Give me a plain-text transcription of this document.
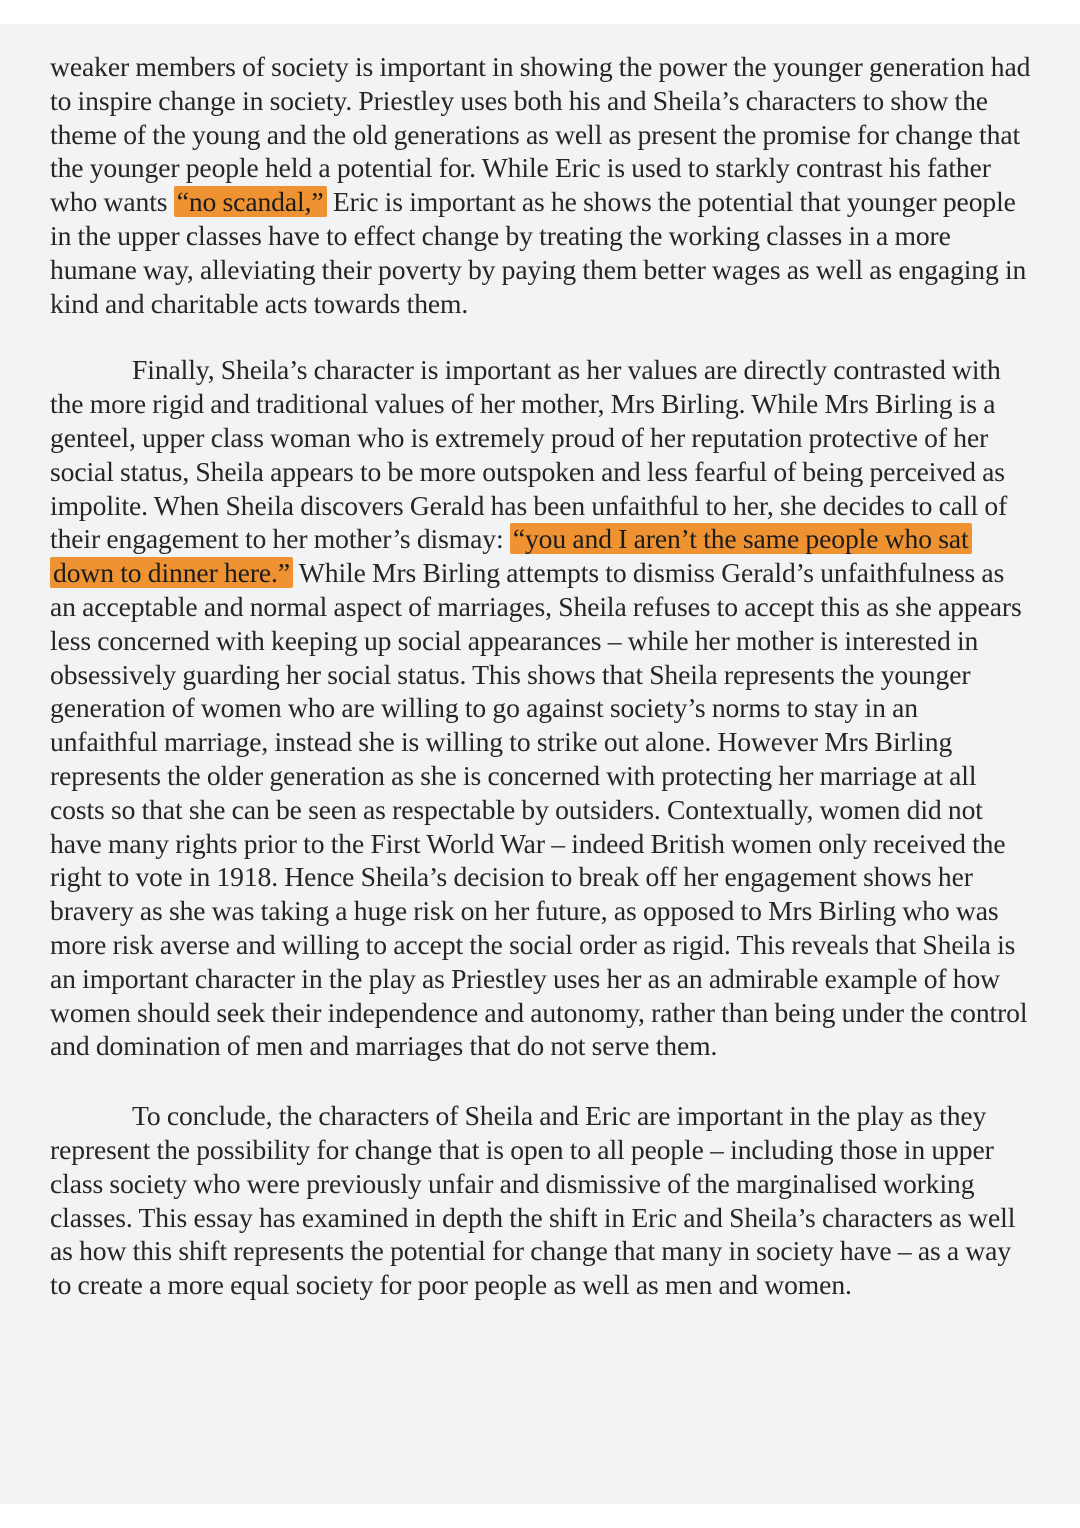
weaker members of society is important in showing the power the younger generation had to inspire change in society. Priestley uses both his and Sheila’s characters to show the theme of the young and the old generations as well as present the promise for change that the younger people held a potential for. While Eric is used to starkly contrast his father who wants “no scandal,” Eric is important as he shows the potential that younger people in the upper classes have to effect change by treating the working classes in a more humane way, alleviating their poverty by paying them better wages as well as engaging in kind and charitable acts towards them.

Finally, Sheila’s character is important as her values are directly contrasted with the more rigid and traditional values of her mother, Mrs Birling. While Mrs Birling is a genteel, upper class woman who is extremely proud of her reputation protective of her social status, Sheila appears to be more outspoken and less fearful of being perceived as impolite. When Sheila discovers Gerald has been unfaithful to her, she decides to call of their engagement to her mother’s dismay: “you and I aren’t the same people who sat down to dinner here.” While Mrs Birling attempts to dismiss Gerald’s unfaithfulness as an acceptable and normal aspect of marriages, Sheila refuses to accept this as she appears less concerned with keeping up social appearances – while her mother is interested in obsessively guarding her social status. This shows that Sheila represents the younger generation of women who are willing to go against society’s norms to stay in an unfaithful marriage, instead she is willing to strike out alone. However Mrs Birling represents the older generation as she is concerned with protecting her marriage at all costs so that she can be seen as respectable by outsiders. Contextually, women did not have many rights prior to the First World War – indeed British women only received the right to vote in 1918. Hence Sheila’s decision to break off her engagement shows her bravery as she was taking a huge risk on her future, as opposed to Mrs Birling who was more risk averse and willing to accept the social order as rigid. This reveals that Sheila is an important character in the play as Priestley uses her as an admirable example of how women should seek their independence and autonomy, rather than being under the control and domination of men and marriages that do not serve them.

To conclude, the characters of Sheila and Eric are important in the play as they represent the possibility for change that is open to all people – including those in upper class society who were previously unfair and dismissive of the marginalised working classes. This essay has examined in depth the shift in Eric and Sheila’s characters as well as how this shift represents the potential for change that many in society have – as a way to create a more equal society for poor people as well as men and women.
